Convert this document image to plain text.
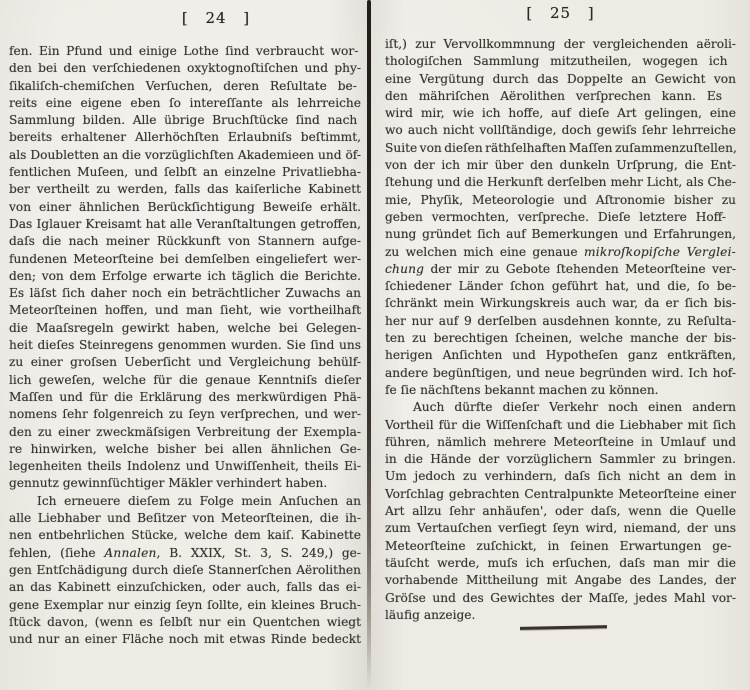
[ 24 ]
fen. Ein Pfund und einige Lothe ſind verbraucht wor-
den bei den verſchiedenen oxyktognoſtiſchen und phy-
ſikaliſch-chemiſchen Verſuchen, deren Reſultate be-
reits eine eigene eben ſo intereſſante als lehrreiche
Sammlung bilden. Alle übrige Bruchſtücke ſind nach
bereits erhaltener Allerhöchſten Erlaubniſs beſtimmt,
als Doubletten an die vorzüglichſten Akademieen und öf-
fentlichen Muſeen, und ſelbſt an einzelne Privatliebha-
ber vertheilt zu werden, falls das kaiſerliche Kabinett
von einer ähnlichen Berückſichtigung Beweiſe erhält.
Das Iglauer Kreisamt hat alle Veranſtaltungen getroffen,
daſs die nach meiner Rückkunft von Stannern aufge-
fundenen Meteorſteine bei demſelben eingeliefert wer-
den; von dem Erfolge erwarte ich täglich die Berichte.
Es läſst ſich daher noch ein beträchtlicher Zuwachs an
Meteorſteinen hoffen, und man ſieht, wie vortheilhaft
die Maaſsregeln gewirkt haben, welche bei Gelegen-
heit dieſes Steinregens genommen wurden. Sie ſind uns
zu einer groſsen Ueberſicht und Vergleichung behülf-
lich geweſen, welche für die genaue Kenntniſs dieſer
Maſſen und für die Erklärung des merkwürdigen Phä-
nomens ſehr folgenreich zu ſeyn verſprechen, und wer-
den zu einer zweckmäſsigen Verbreitung der Exempla-
re hinwirken, welche bisher bei allen ähnlichen Ge-
legenheiten theils Indolenz und Unwiſſenheit, theils Ei-
gennutz gewinnſüchtiger Mäkler verhindert haben.
Ich erneuere dieſem zu Folge mein Anſuchen an
alle Liebhaber und Beſitzer von Meteorſteinen, die ih-
nen entbehrlichen Stücke, welche dem kaiſ. Kabinette
fehlen, (ſiehe Annalen, B. XXIX, St. 3, S. 249,) ge-
gen Entſchädigung durch dieſe Stannerſchen Aërolithen
an das Kabinett einzuſchicken, oder auch, falls das ei-
gene Exemplar nur einzig ſeyn ſollte, ein kleines Bruch-
ſtück davon, (wenn es ſelbſt nur ein Quentchen wiegt
und nur an einer Fläche noch mit etwas Rinde bedeckt
[ 25 ]
iſt,) zur Vervollkommnung der vergleichenden aëroli-
thologiſchen Sammlung mitzutheilen, wogegen ich
eine Vergütung durch das Doppelte an Gewicht von
den mähriſchen Aërolithen verſprechen kann. Es
wird mir, wie ich hoffe, auf dieſe Art gelingen, eine
wo auch nicht vollſtändige, doch gewiſs ſehr lehrreiche
Suite von dieſen räthſelhaften Maſſen zuſammenzuſtellen,
von der ich mir über den dunkeln Urſprung, die Ent-
ſtehung und die Herkunft derſelben mehr Licht, als Che-
mie, Phyſik, Meteorologie und Aſtronomie bisher zu
geben vermochten, verſpreche. Dieſe letztere Hoff-
nung gründet ſich auf Bemerkungen und Erfahrungen,
zu welchen mich eine genaue mikroſkopiſche Verglei-
chung der mir zu Gebote ſtehenden Meteorſteine ver-
ſchiedener Länder ſchon geführt hat, und die, ſo be-
ſchränkt mein Wirkungskreis auch war, da er ſich bis-
her nur auf 9 derſelben ausdehnen konnte, zu Reſulta-
ten zu berechtigen ſcheinen, welche manche der bis-
herigen Anſichten und Hypotheſen ganz entkräften,
andere begünſtigen, und neue begründen wird. Ich hof-
fe ſie nächſtens bekannt machen zu können.
Auch dürfte dieſer Verkehr noch einen andern
Vortheil für die Wiſſenſchaft und die Liebhaber mit ſich
führen, nämlich mehrere Meteorſteine in Umlauf und
in die Hände der vorzüglichern Sammler zu bringen.
Um jedoch zu verhindern, daſs ſich nicht an dem in
Vorſchlag gebrachten Centralpunkte Meteorſteine einer
Art allzu ſehr anhäufen', oder daſs, wenn die Quelle
zum Vertauſchen verſiegt ſeyn wird, niemand, der uns
Meteorſteine zuſchickt, in ſeinen Erwartungen ge-
täuſcht werde, muſs ich erſuchen, daſs man mir die
vorhabende Mittheilung mit Angabe des Landes, der
Gröſse und des Gewichtes der Maſſe, jedes Mahl vor-
läufig anzeige.
